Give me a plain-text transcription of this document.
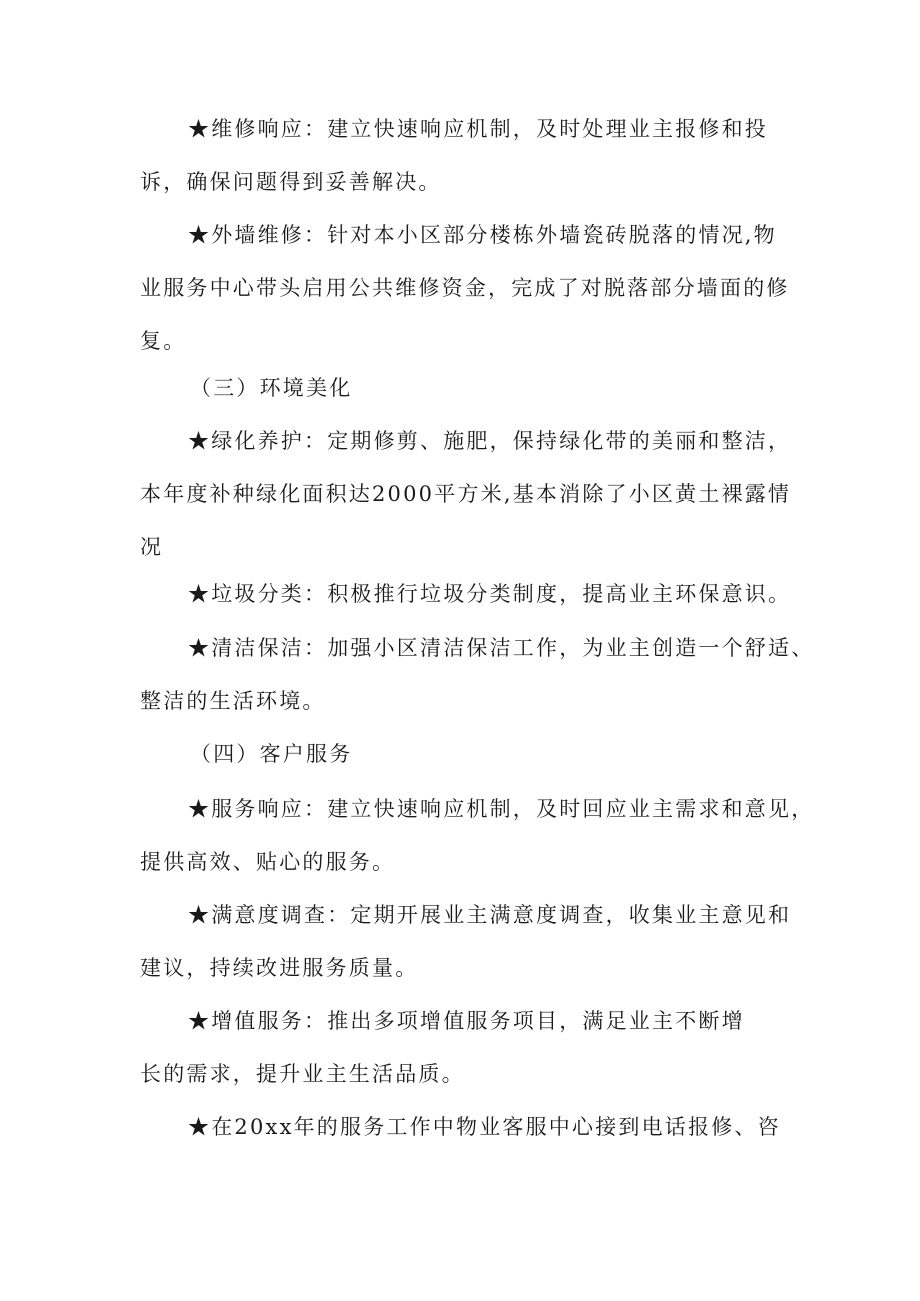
★维修响应：建立快速响应机制，及时处理业主报修和投
诉，确保问题得到妥善解决。

★外墙维修：针对本小区部分楼栋外墙瓷砖脱落的情况,物
业服务中心带头启用公共维修资金，完成了对脱落部分墙面的修
复。

（三）环境美化

★绿化养护：定期修剪、施肥，保持绿化带的美丽和整洁，
本年度补种绿化面积达2000平方米,基本消除了小区黄土裸露情
况

★垃圾分类：积极推行垃圾分类制度，提高业主环保意识。

★清洁保洁：加强小区清洁保洁工作，为业主创造一个舒适、
整洁的生活环境。

（四）客户服务

★服务响应：建立快速响应机制，及时回应业主需求和意见，
提供高效、贴心的服务。

★满意度调查：定期开展业主满意度调查，收集业主意见和
建议，持续改进服务质量。

★增值服务：推出多项增值服务项目，满足业主不断增
长的需求，提升业主生活品质。

★在20xx年的服务工作中物业客服中心接到电话报修、咨
